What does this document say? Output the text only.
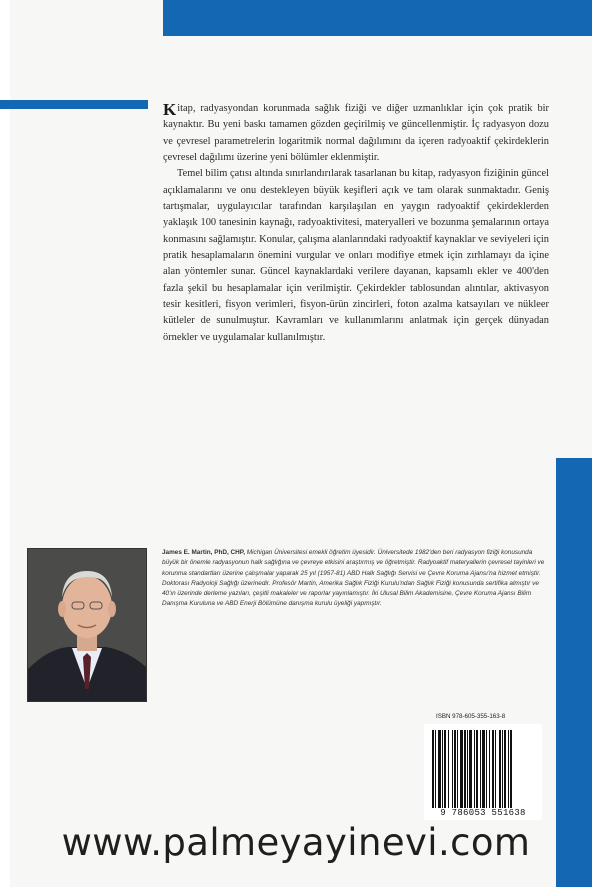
Kitap, radyasyondan korunmada sağlık fiziği ve diğer uzmanlıklar için çok pratik bir kaynaktır. Bu yeni baskı tamamen gözden geçirilmiş ve güncellenmiştir. İç radyasyon dozu ve çevresel parametrelerin logaritmik normal dağılımını da içeren radyoaktif çekirdeklerin çevresel dağılımı üzerine yeni bölümler eklenmiştir.

Temel bilim çatısı altında sınırlandırılarak tasarlanan bu kitap, radyasyon fiziğinin güncel açıklamalarını ve onu destekleyen büyük keşifleri açık ve tam olarak sunmaktadır. Geniş tartışmalar, uygulayıcılar tarafından karşılaşılan en yaygın radyoaktif çekirdeklerden yaklaşık 100 tanesinin kaynağı, radyoaktivitesi, materyalleri ve bozunma şemalarının ortaya konmasını sağlamıştır. Konular, çalışma alanlarındaki radyoaktif kaynaklar ve seviyeleri için pratik hesaplamaların önemini vurgular ve onları modifiye etmek için zırhlamayı da içine alan yöntemler sunar. Güncel kaynaklardaki verilere dayanan, kapsamlı ekler ve 400'den fazla şekil bu hesaplamalar için verilmiştir. Çekirdekler tablosundan alıntılar, aktivasyon tesir kesitleri, fisyon verimleri, fisyon-ürün zincirleri, foton azalma katsayıları ve nükleer kütleler de sunulmuştur. Kavramları ve kullanımlarını anlatmak için gerçek dünyadan örnekler ve uygulamalar kullanılmıştır.

James E. Martin, PhD, CHP, Michigan Üniversitesi emekli öğretim üyesidir. Üniversitede 1982'den beri radyasyon fiziği konusunda büyük bir önemle radyasyonun halk sağlığına ve çevreye etkisini araştırmış ve öğretmiştir. Radyoaktif materyallerin çevresel tayinleri ve korunma standartları üzerine çalışmalar yaparak 25 yıl (1957-81) ABD Halk Sağlığı Servisi ve Çevre Koruma Ajansı'na hizmet etmiştir. Doktorası Radyoloji Sağlığı üzerinedir. Profesör Martin, Amerika Sağlık Fiziği Kurulu'ndan Sağlık Fiziği konusunda sertifika almıştır ve 40'ın üzerinde derleme yazıları, çeşitli makaleler ve raporlar yayınlamıştır. İki Ulusal Bilim Akademisine, Çevre Koruma Ajansı Bilim Danışma Kuruluna ve ABD Enerji Bölümüne danışma kurulu üyeliği yapmıştır.
ISBN 978-605-355-163-8
9 786053 551638
www.palmeyayinevi.com
